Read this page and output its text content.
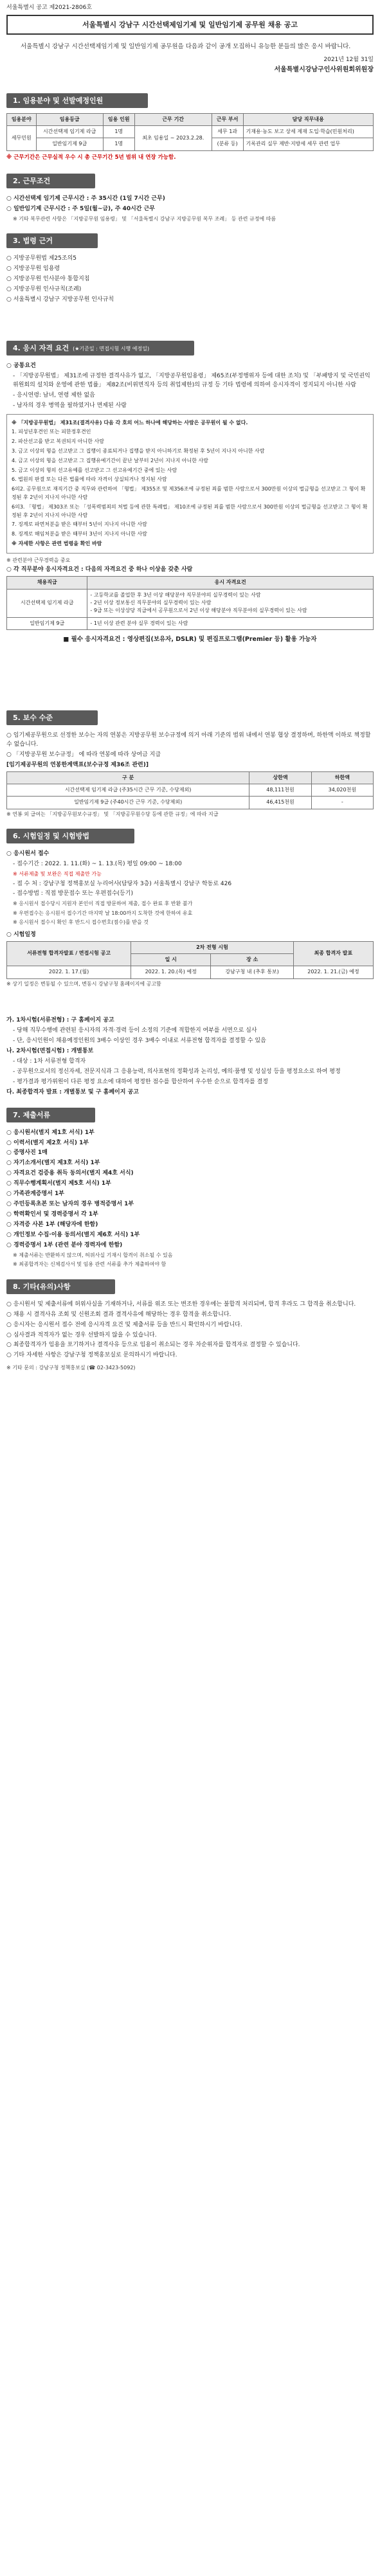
서울특별시 공고 제2021-2806호
서울특별시 강남구 시간선택제임기제 및 일반임기제 공무원 채용 공고
서울특별시 강남구 시간선택제임기제 및 일반임기제 공무원을 다음과 같이 공개 모집하니 유능한 분들의 많은 응시 바랍니다.
2021년 12월 31일
서울특별시강남구인사위원회위원장
1. 임용분야 및 선발예정인원
임용분야	임용등급	임용 인원	근무 기간	근무 부서	담당 직무내용
세무민원	시간선택제 임기제 라급	1명	최초 임용일 ~ 2023.2.28.	세무 1과	기재용·농도 보고 상세 제재 도입·학습(민원처리)
	일반임기제 9급	1명		(분류 등)	기록관리 실무 제반·지방세 세무 관련 업무
※ 근무기간은 근무실적 우수 시 총 근무기간 5년 범위 내 연장 가능함.
2. 근무조건

○ 시간선택제 임기제 근무시간 : 주 35시간 (1일 7시간 근무)

○ 일반임기제 근무시간 : 주 5일(월~금), 주 40시간 근무

※ 기타 복무관련 사항은 「지방공무원 임용령」 및 「서울특별시 강남구 지방공무원 복무 조례」 등 관련 규정에 따름

3. 법령 근거

○ 지방공무원법 제25조의5

○ 지방공무원 임용령

○ 지방공무원 인사분야 통합지침

○ 지방공무원 인사규칙(조례)

○ 서울특별시 강남구 지방공무원 인사규칙

4. 응시 자격 요건 (★기준일 : 면접시험 시행 예정일)

○ 공통요건

- 「지방공무원법」 제31조에 규정한 결격사유가 없고, 「지방공무원임용령」 제65조(부정행위자 등에 대한 조치) 및 「부패방지 및 국민권익위원회의 설치와 운영에 관한 법률」 제82조(비위면직자 등의 취업제한)의 규정 등 기타 법령에 의하여 응시자격이 정지되지 아니한 사람

- 응시연령: 남녀, 연령 제한 없음

- 남자의 경우 병역을 필하였거나 면제된 사람

※ 「지방공무원법」 제31조(결격사유) 다음 각 호의 어느 하나에 해당하는 사람은 공무원이 될 수 없다.

1. 피성년후견인 또는 피한정후견인

2. 파산선고를 받고 복권되지 아니한 사람

3. 금고 이상의 형을 선고받고 그 집행이 종료되거나 집행을 받지 아니하기로 확정된 후 5년이 지나지 아니한 사람

4. 금고 이상의 형을 선고받고 그 집행유예기간이 끝난 날부터 2년이 지나지 아니한 사람

5. 금고 이상의 형의 선고유예를 선고받고 그 선고유예기간 중에 있는 사람

6. 법원의 판결 또는 다른 법률에 따라 자격이 상실되거나 정지된 사람

6의2. 공무원으로 재직기간 중 직무와 관련하여 「형법」 제355조 및 제356조에 규정된 죄를 범한 사람으로서 300만원 이상의 벌금형을 선고받고 그 형이 확정된 후 2년이 지나지 아니한 사람

6의3. 「형법」 제303조 또는 「성폭력범죄의 처벌 등에 관한 특례법」 제10조에 규정된 죄를 범한 사람으로서 300만원 이상의 벌금형을 선고받고 그 형이 확정된 후 2년이 지나지 아니한 사람

7. 징계로 파면처분을 받은 때부터 5년이 지나지 아니한 사람

8. 징계로 해임처분을 받은 때부터 3년이 지나지 아니한 사람

※ 자세한 사항은 관련 법령을 확인 바람

※ 관련분야 근무경력을 중요

○ 각 직무분야 응시자격요건 : 다음의 자격요건 중 하나 이상을 갖춘 사람

채용직급	응시 자격요건
시간선택제 임기제 라급	- 고등학교를 졸업한 후 3년 이상 해당분야 직무분야의 실무경력이 있는 사람
- 2년 이상 정보통신 직무분야의 실무경력이 있는 사람
- 9급 또는 이상상당 직급에서 공무원으로서 2년 이상 해당분야 직무분야의 실무경력이 있는 사람
일반임기제 9급	- 1년 이상 관련 분야 실무 경력이 있는 사람
■ 필수 응시자격요건 : 영상편집(보유자, DSLR) 및 편집프로그램(Premier 등) 활용 가능자
5. 보수 수준

○ 임기제공무원으로 선정한 보수는 자의 연봉은 지방공무원 보수규정에 의거 아래 기준의 범위 내에서 연봉 협상 결정하며, 하한액 이하로 책정할 수 없습니다.

○ 「지방공무원 보수규정」 에 따라 연봉에 따라 상여금 지급

[임기제공무원의 연봉한계액표(보수규정 제36조 관련)]

구 분	상한액	하한액
시간선택제 임기제 라급 (주35시간 근무 기준, 수당제외)	48,111천원	34,020천원
일반임기제 9급 (주40시간 근무 기준, 수당제외)	46,415천원	-

※ 연봉 외 급여는 「지방공무원보수규정」 및 「지방공무원수당 등에 관한 규정」에 따라 지급

6. 시험일정 및 시험방법

○ 응시원서 접수

- 접수기간 : 2022. 1. 11.(화) ~ 1. 13.(목) 평일 09:00 ~ 18:00

※ 서류제출 및 보완은 직접 제출만 가능

- 접 수 처 : 강남구청 정책홍보실 누리어사(담당자 3층) 서울특별시 강남구 학동로 426

- 접수방법 : 직접 방문접수 또는 우편접수(등기)

※ 응시원서 접수당시 지원자 본인이 직접 방문하여 제출, 접수 완료 후 반환 불가

※ 우편접수는 응시원서 접수기간 마지막 날 18:00까지 도착한 것에 한하여 유효

※ 응시원서 접수시 확인 후 반드시 접수번호(점수)를 받을 것

○ 시험일정

서류전형 합격자발표 / 면접시험 공고	2차 전형 시험		최종 합격자 발표
	일 시	장 소	
2022. 1. 17.(월)	2022. 1. 20.(목) 예정	강남구청 내 (추후 통보)	2022. 1. 21.(금) 예정

※ 상기 일정은 변동될 수 있으며, 변동시 강남구청 홈페이지에 공고함

가. 1차시험(서류전형) : 구 홈페이지 공고

- 당해 직무수행에 관련된 응시자의 자격·경력 등이 소정의 기준에 적합한지 여부를 서면으로 심사

- 단, 응시인원이 채용예정인원의 3배수 이상인 경우 3배수 이내로 서류전형 합격자를 결정할 수 있음

나. 2차시험(면접시험) : 개별통보

- 대상 : 1차 서류전형 합격자

- 공무원으로서의 정신자세, 전문지식과 그 응용능력, 의사표현의 정확성과 논리성, 예의·품행 및 성실성 등을 평정요소로 하여 평정

- 평가결과 평가위원이 다른 평정 요소에 대하여 평정한 점수를 합산하여 우수한 순으로 합격자를 결정

다. 최종합격자 발표 : 개별통보 및 구 홈페이지 공고

7. 제출서류

○ 응시원서(별지 제1호 서식) 1부

○ 이력서(별지 제2호 서식) 1부

○ 증명사진 1매

○ 자기소개서(별지 제3호 서식) 1부

○ 자격요건 검증용 취득 동의서(별지 제4호 서식)

○ 직무수행계획서(별지 제5호 서식) 1부

○ 가족관계증명서 1부

○ 주민등록초본 또는 남자의 경우 병적증명서 1부

○ 학력확인서 및 경력증명서 각 1부

○ 자격증 사본 1부 (해당자에 한함)

○ 개인정보 수집·이용 동의서(별지 제6호 서식) 1부

○ 경력증명서 1부 (관련 분야 경력자에 한함)

※ 제출서류는 반환하지 않으며, 허위사실 기재시 합격이 취소될 수 있음

※ 최종합격자는 신체검사서 및 임용 관련 서류를 추가 제출하여야 함

8. 기타(유의)사항

○ 응시원서 및 제출서류에 허위사실을 기재하거나, 서류를 위조 또는 변조한 경우에는 불합격 처리되며, 합격 후라도 그 합격을 취소합니다.

○ 채용 시 결격사유 조회 및 신원조회 결과 결격사유에 해당하는 경우 합격을 취소합니다.

○ 응시자는 응시원서 접수 전에 응시자격 요건 및 제출서류 등을 반드시 확인하시기 바랍니다.

○ 심사결과 적격자가 없는 경우 선발하지 않을 수 있습니다.

○ 최종합격자가 임용을 포기하거나 결격사유 등으로 임용이 취소되는 경우 차순위자를 합격자로 결정할 수 있습니다.

○ 기타 자세한 사항은 강남구청 정책홍보실로 문의하시기 바랍니다.

※ 기타 문의 : 강남구청 정책홍보실 (☎ 02-3423-5092)
